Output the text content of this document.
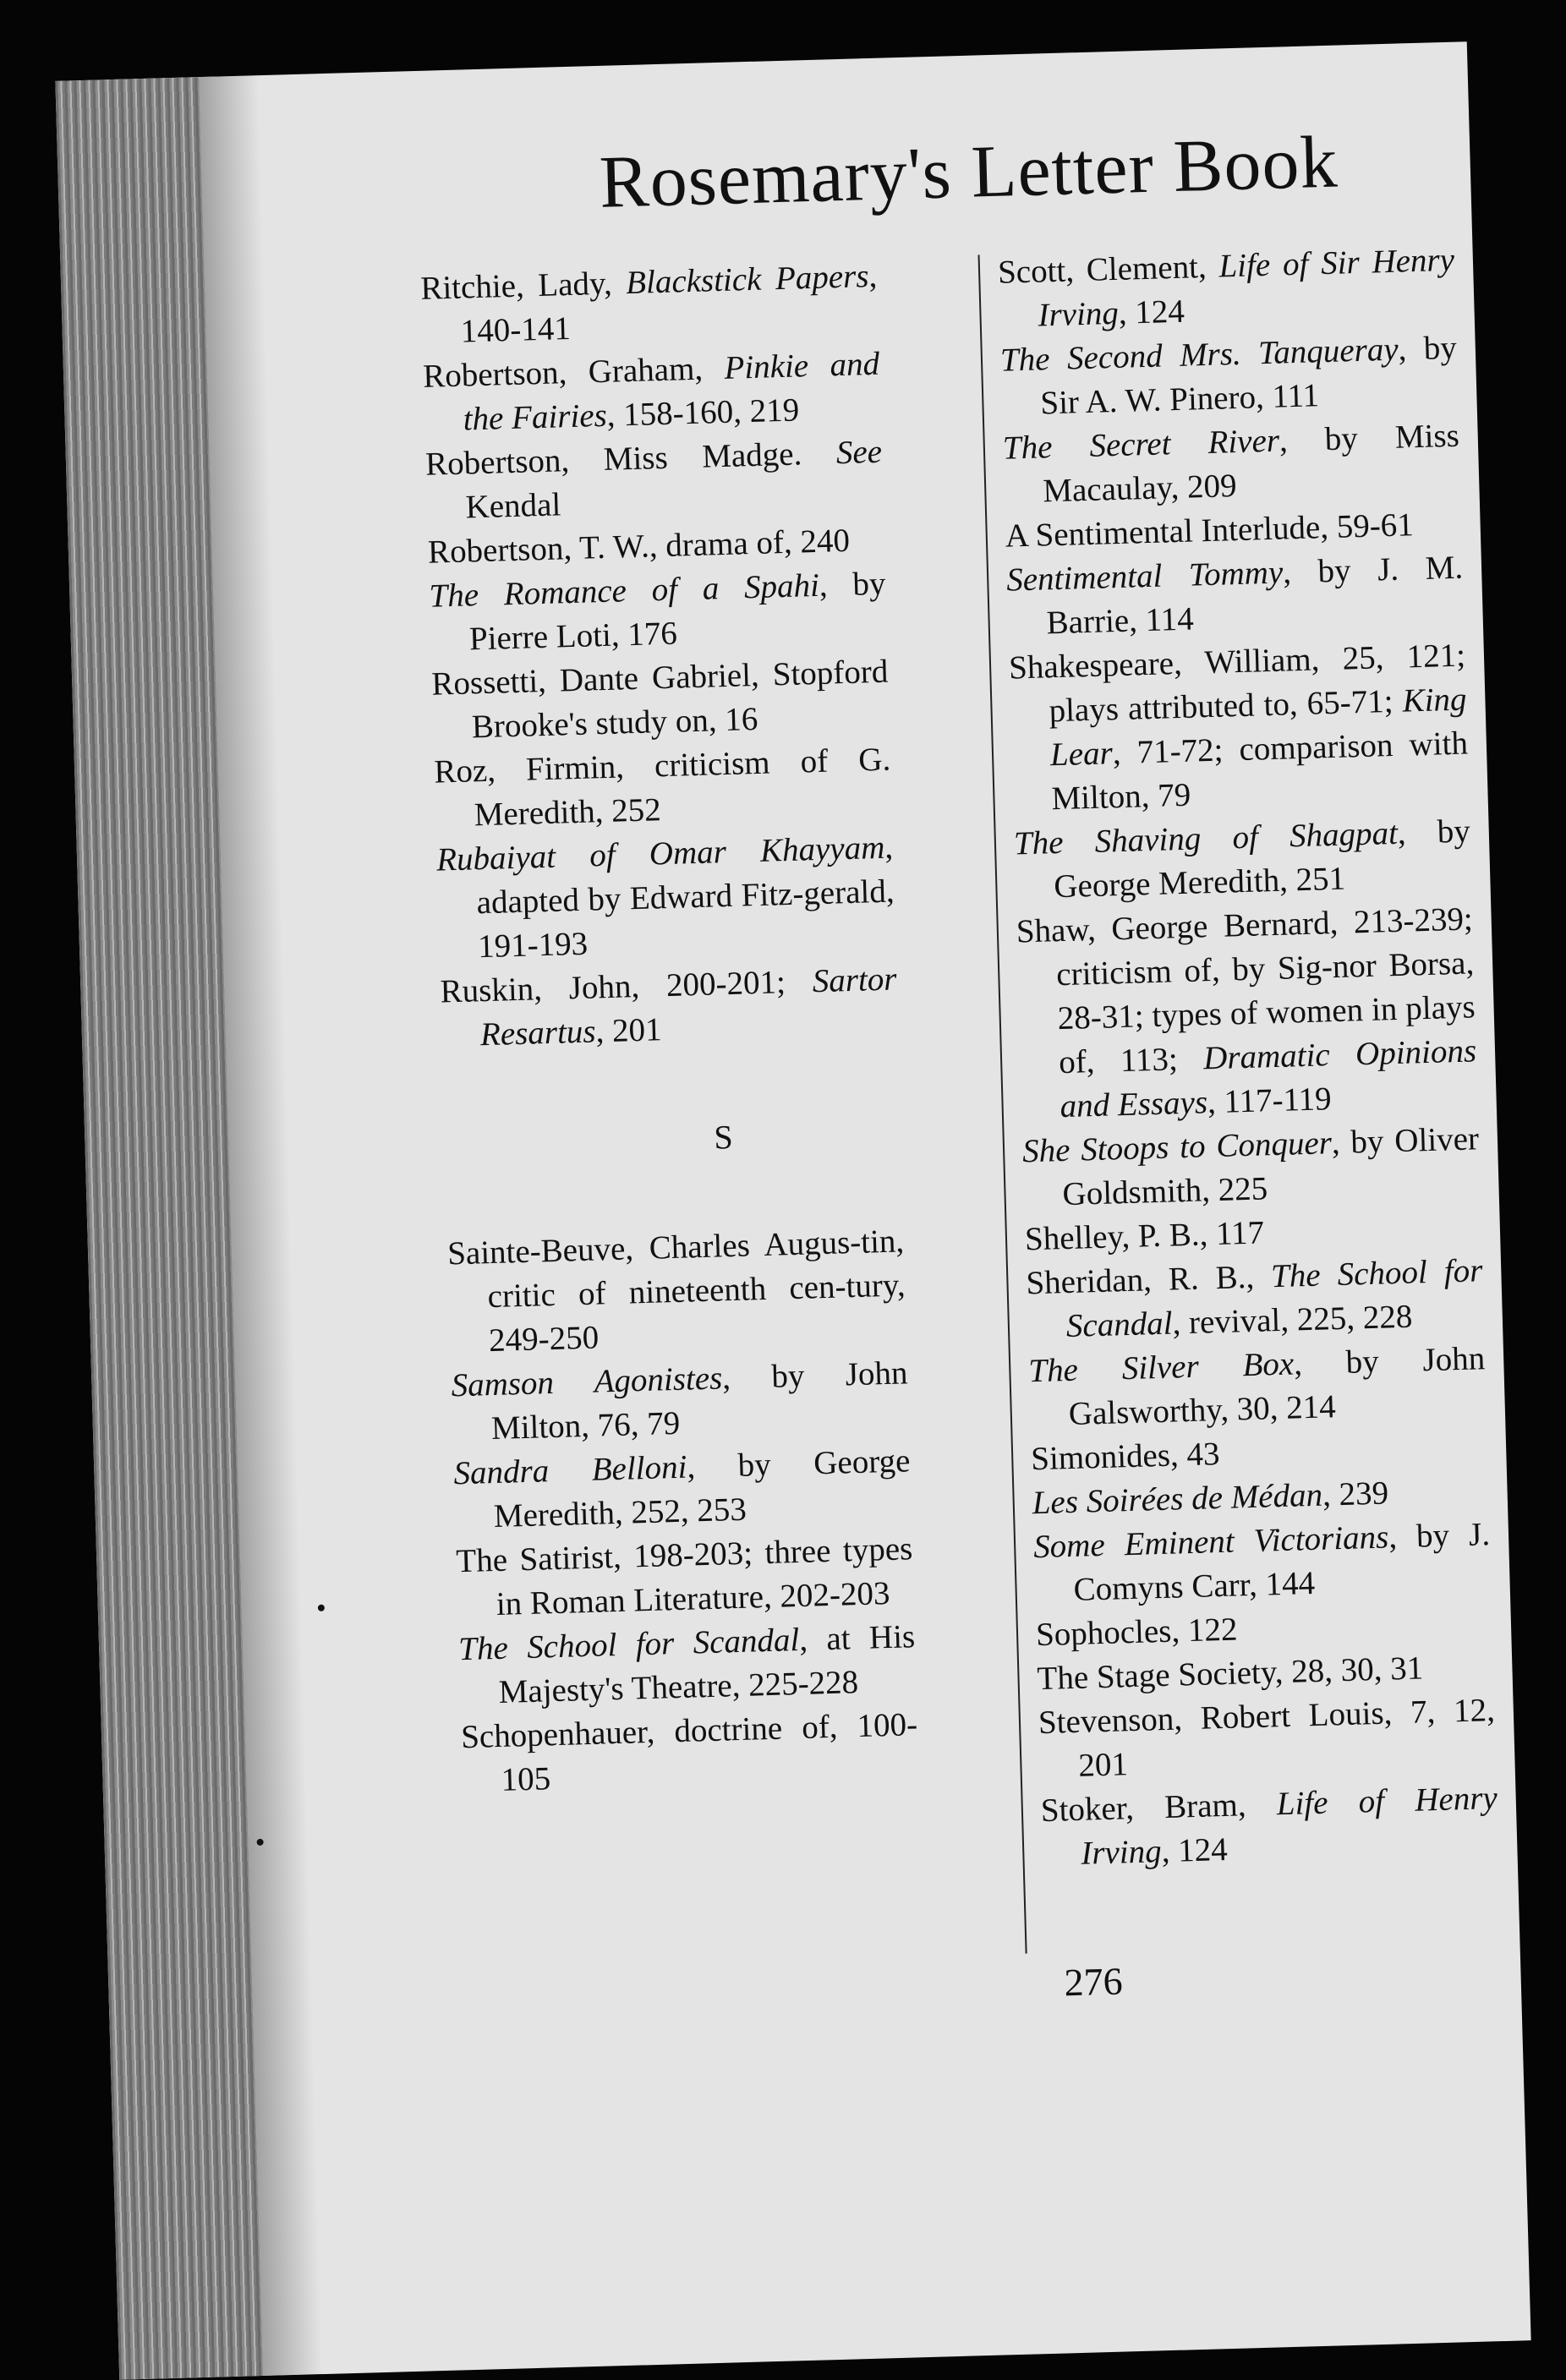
Rosemary's Letter Book

Ritchie, Lady, Blackstick Papers, 140-141

Robertson, Graham, Pinkie and the Fairies, 158-160, 219

Robertson, Miss Madge. See Kendal

Robertson, T. W., drama of, 240

The Romance of a Spahi, by Pierre Loti, 176

Rossetti, Dante Gabriel, Stopford Brooke's study on, 16

Roz, Firmin, criticism of G. Meredith, 252

Rubaiyat of Omar Khayyam, adapted by Edward Fitz-gerald, 191-193

Ruskin, John, 200-201; Sartor Resartus, 201

S

Sainte-Beuve, Charles Augus-tin, critic of nineteenth cen-tury, 249-250

Samson Agonistes, by John Milton, 76, 79

Sandra Belloni, by George Meredith, 252, 253

The Satirist, 198-203; three types in Roman Literature, 202-203

The School for Scandal, at His Majesty's Theatre, 225-228

Schopenhauer, doctrine of, 100-105

Scott, Clement, Life of Sir Henry Irving, 124

The Second Mrs. Tanqueray, by Sir A. W. Pinero, 111

The Secret River, by Miss Macaulay, 209

A Sentimental Interlude, 59-61

Sentimental Tommy, by J. M. Barrie, 114

Shakespeare, William, 25, 121; plays attributed to, 65-71; King Lear, 71-72; comparison with Milton, 79

The Shaving of Shagpat, by George Meredith, 251

Shaw, George Bernard, 213-239; criticism of, by Sig-nor Borsa, 28-31; types of women in plays of, 113; Dramatic Opinions and Essays, 117-119

She Stoops to Conquer, by Oliver Goldsmith, 225

Shelley, P. B., 117

Sheridan, R. B., The School for Scandal, revival, 225, 228

The Silver Box, by John Galsworthy, 30, 214

Simonides, 43

Les Soirées de Médan, 239

Some Eminent Victorians, by J. Comyns Carr, 144

Sophocles, 122

The Stage Society, 28, 30, 31

Stevenson, Robert Louis, 7, 12, 201

Stoker, Bram, Life of Henry Irving, 124

276
